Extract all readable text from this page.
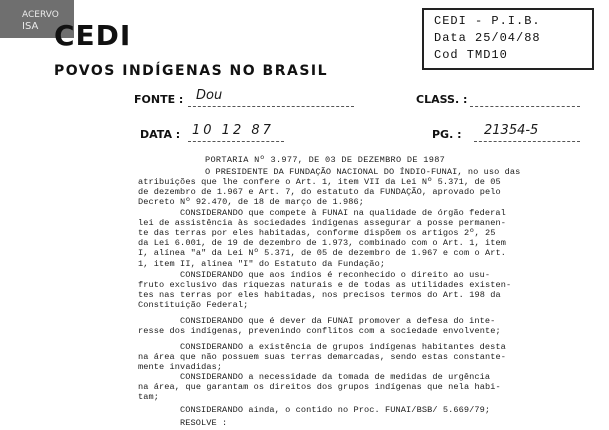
ACERVO
ISA CEDI
POVOS INDÍGENAS NO BRASIL
CEDI - P.I.B.
Data 25/04/88
Cod TMD10
FONTE : Dou	CLASS. :
DATA : 10 12 87	PG. : 21354-5
PORTARIA Nº 3.977, DE 03 DE DEZEMBRO DE 1987
O PRESIDENTE DA FUNDAÇÃO NACIONAL DO ÍNDIO-FUNAI, no uso das
atribuições que lhe confere o Art. 1, item VII da Lei Nº 5.371, de 05
de dezembro de 1.967 e Art. 7, do estatuto da FUNDAÇÃO, aprovado pelo
Decreto Nº 92.470, de 18 de março de 1.986;
CONSIDERANDO que compete à FUNAI na qualidade de órgão federal
lei de assistência às sociedades indígenas assegurar a posse permanen-
te das terras por eles habitadas, conforme dispõem os artigos 2º, 25
da Lei 6.001, de 19 de dezembro de 1.973, combinado com o Art. 1, item
I, alínea "a" da Lei Nº 5.371, de 05 de dezembro de 1.967 e com o Art.
1, item II, alínea "I" do Estatuto da Fundação;
CONSIDERANDO que aos índios é reconhecido o direito ao usu-
fruto exclusivo das riquezas naturais e de todas as utilidades existen-
tes nas terras por eles habitadas, nos precisos termos do Art. 198 da
Constituição Federal;
CONSIDERANDO que é dever da FUNAI promover a defesa do inte-
resse dos indígenas, prevenindo conflitos com a sociedade envolvente;
CONSIDERANDO a existência de grupos indígenas habitantes desta
na área que não possuem suas terras demarcadas, sendo estas constante-
mente invadidas;
CONSIDERANDO a necessidade da tomada de medidas de urgência
na área, que garantam os direitos dos grupos indígenas que nela habi-
tam;
CONSIDERANDO ainda, o contido no Proc. FUNAI/BSB/ 5.669/79;
RESOLVE :
